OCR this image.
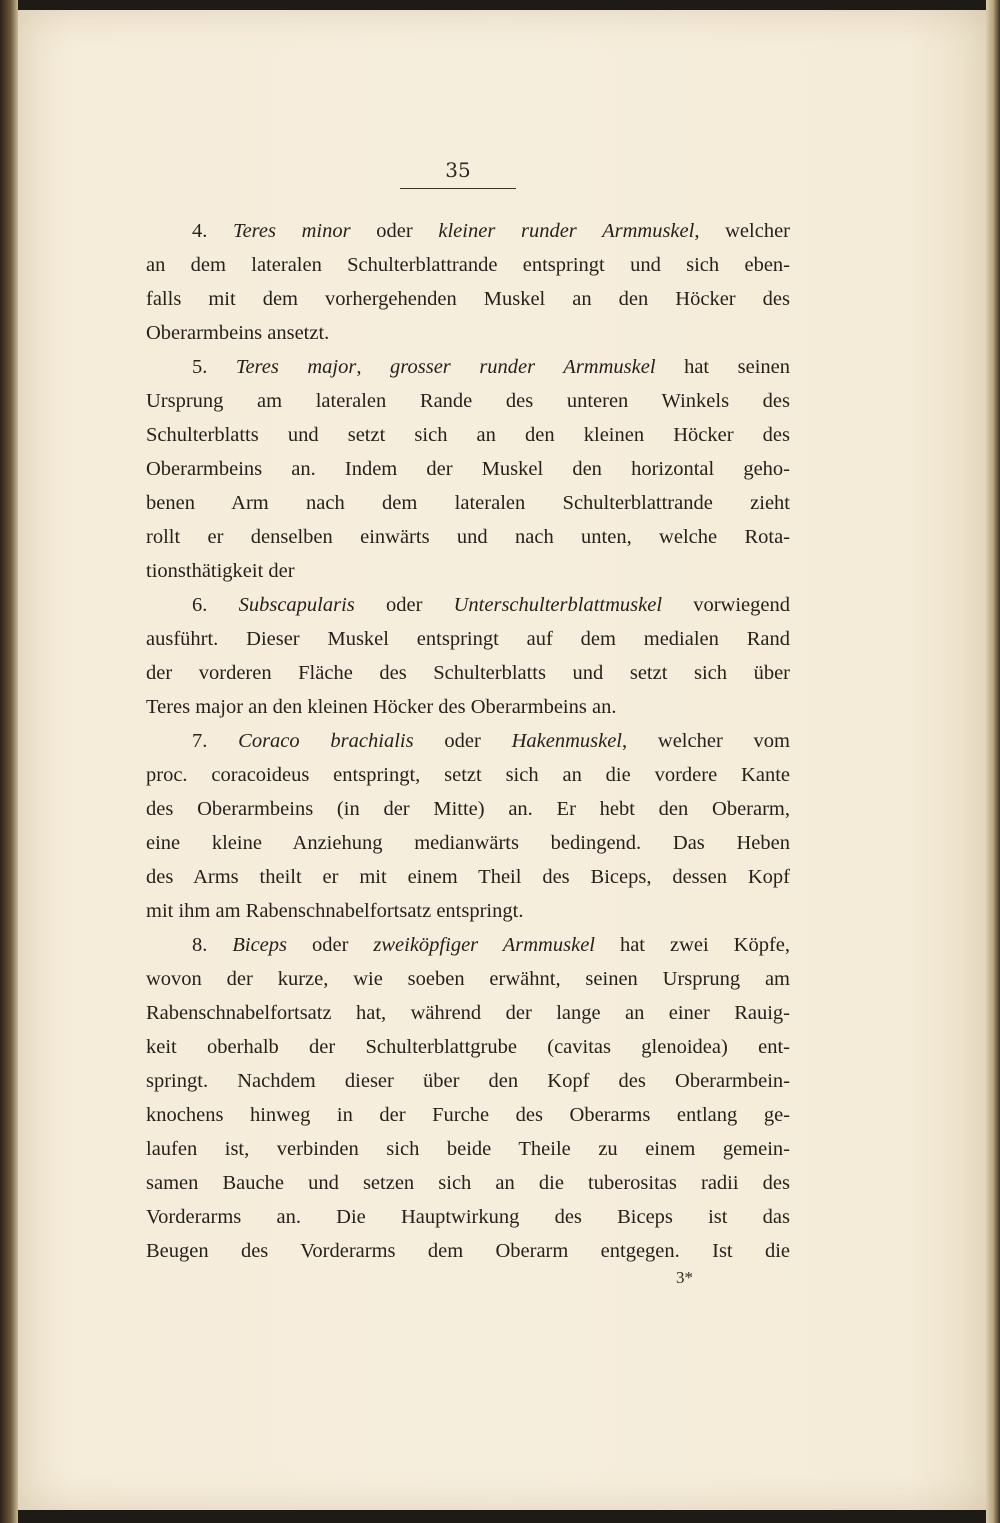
35

4. Teres minor oder kleiner runder Armmuskel, welcher

an dem lateralen Schulterblattrande entspringt und sich eben-

falls mit dem vorhergehenden Muskel an den Höcker des

Oberarmbeins ansetzt.

5. Teres major, grosser runder Armmuskel hat seinen

Ursprung am lateralen Rande des unteren Winkels des

Schulterblatts und setzt sich an den kleinen Höcker des

Oberarmbeins an. Indem der Muskel den horizontal geho-

benen Arm nach dem lateralen Schulterblattrande zieht

rollt er denselben einwärts und nach unten, welche Rota-

tionsthätigkeit der

6. Subscapularis oder Unterschulterblattmuskel vorwiegend

ausführt. Dieser Muskel entspringt auf dem medialen Rand

der vorderen Fläche des Schulterblatts und setzt sich über

Teres major an den kleinen Höcker des Oberarmbeins an.

7. Coraco brachialis oder Hakenmuskel, welcher vom

proc. coracoideus entspringt, setzt sich an die vordere Kante

des Oberarmbeins (in der Mitte) an. Er hebt den Oberarm,

eine kleine Anziehung medianwärts bedingend. Das Heben

des Arms theilt er mit einem Theil des Biceps, dessen Kopf

mit ihm am Rabenschnabelfortsatz entspringt.

8. Biceps oder zweiköpfiger Armmuskel hat zwei Köpfe,

wovon der kurze, wie soeben erwähnt, seinen Ursprung am

Rabenschnabelfortsatz hat, während der lange an einer Rauig-

keit oberhalb der Schulterblattgrube (cavitas glenoidea) ent-

springt. Nachdem dieser über den Kopf des Oberarmbein-

knochens hinweg in der Furche des Oberarms entlang ge-

laufen ist, verbinden sich beide Theile zu einem gemein-

samen Bauche und setzen sich an die tuberositas radii des

Vorderarms an. Die Hauptwirkung des Biceps ist das

Beugen des Vorderarms dem Oberarm entgegen. Ist die

3*
